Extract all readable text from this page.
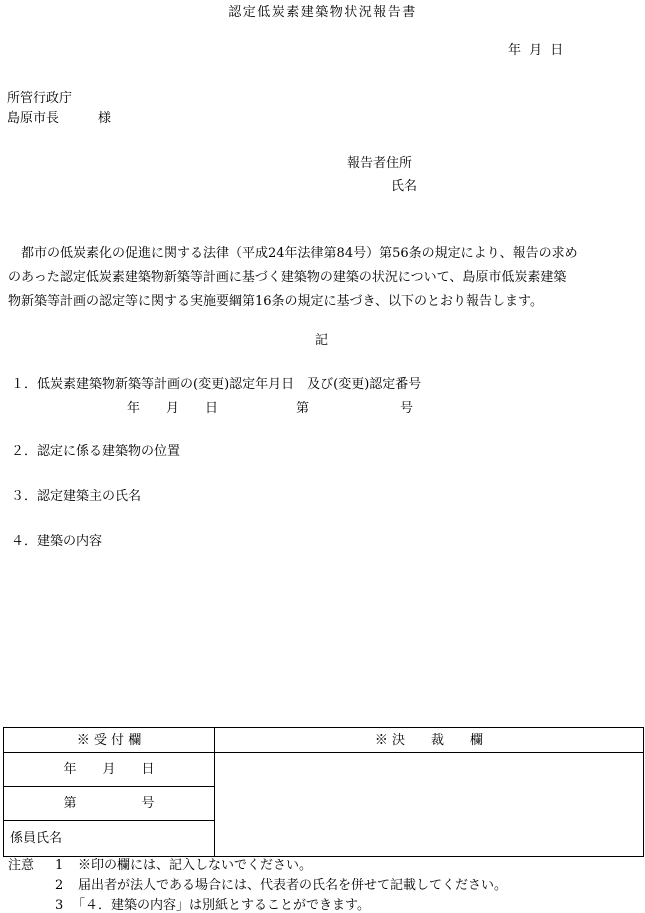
認定低炭素建築物状況報告書
年 月 日
所管行政庁
島原市長　　　様
報告者住所
氏名
　都市の低炭素化の促進に関する法律（平成24年法律第84号）第56条の規定により、報告の求め
のあった認定低炭素建築物新築等計画に基づく建築物の建築の状況について、島原市低炭素建築
物新築等計画の認定等に関する実施要綱第16条の規定に基づき、以下のとおり報告します。
記
１．低炭素建築物新築等計画の(変更)認定年月日　及び(変更)認定番号
年　　月　　日　　　　　　第　　　　　　　号
２．認定に係る建築物の位置
３．認定建築主の氏名
４．建築の内容
※ 受 付 欄	※ 決　　裁　　欄
年　　月　　日	
第　　　　　号	
係員氏名	
注意 1 ※印の欄には、記入しないでください。
2 届出者が法人である場合には、代表者の氏名を併せて記載してください。
3 「４．建築の内容」は別紙とすることができます。
